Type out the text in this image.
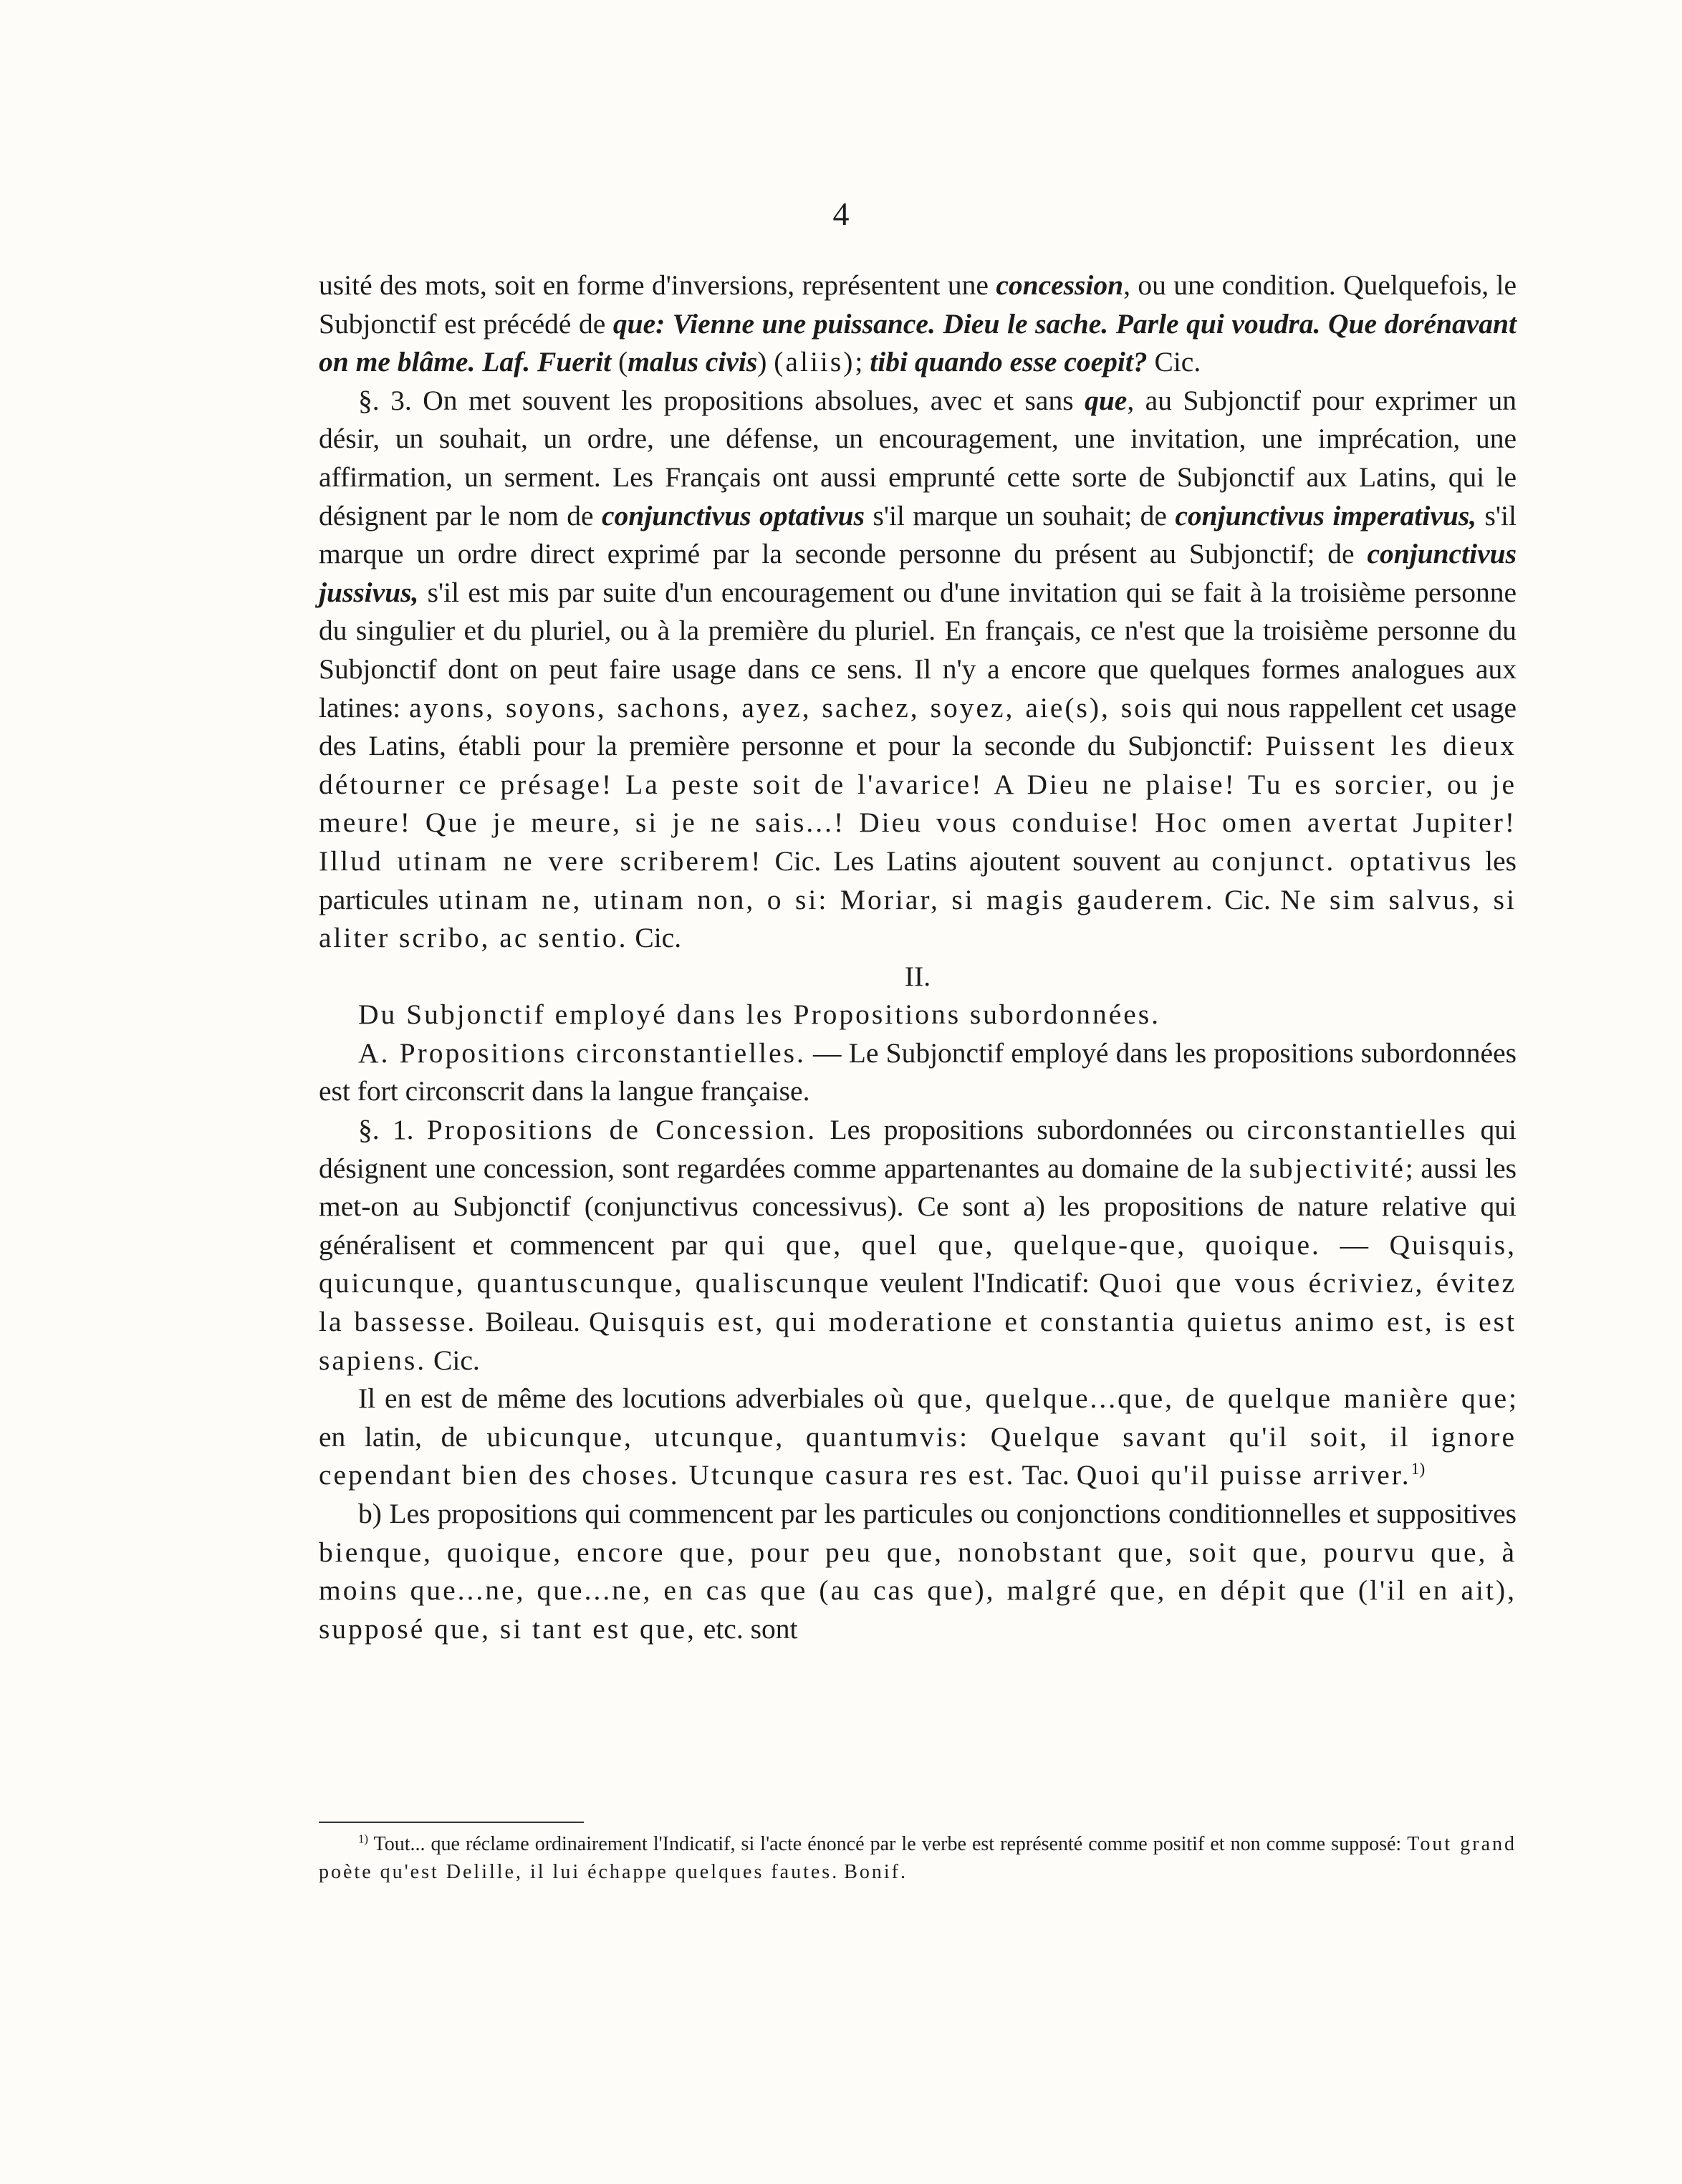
4

usité des mots, soit en forme d'inversions, représentent une concession, ou une condition. Quelquefois, le Subjonctif est précédé de que: Vienne une puissance. Dieu le sache. Parle qui voudra. Que dorénavant on me blâme. Laf. Fuerit (malus civis) (aliis); tibi quando esse coepit? Cic.

§. 3. On met souvent les propositions absolues, avec et sans que, au Subjonctif pour exprimer un désir, un souhait, un ordre, une défense, un encouragement, une invitation, une imprécation, une affirmation, un serment. Les Français ont aussi emprunté cette sorte de Subjonctif aux Latins, qui le désignent par le nom de conjunctivus optativus s'il marque un souhait; de conjunctivus imperativus, s'il marque un ordre direct exprimé par la seconde personne du présent au Subjonctif; de conjunctivus jussivus, s'il est mis par suite d'un encouragement ou d'une invitation qui se fait à la troisième personne du singulier et du pluriel, ou à la première du pluriel. En français, ce n'est que la troisième personne du Subjonctif dont on peut faire usage dans ce sens. Il n'y a encore que quelques formes analogues aux latines: ayons, soyons, sachons, ayez, sachez, soyez, aie(s), sois qui nous rappellent cet usage des Latins, établi pour la première personne et pour la seconde du Subjonctif: Puissent les dieux détourner ce présage! La peste soit de l'avarice! A Dieu ne plaise! Tu es sorcier, ou je meure! Que je meure, si je ne sais...! Dieu vous conduise! Hoc omen avertat Jupiter! Illud utinam ne vere scriberem! Cic. Les Latins ajoutent souvent au conjunct. optativus les particules utinam ne, utinam non, o si: Moriar, si magis gauderem. Cic. Ne sim salvus, si aliter scribo, ac sentio. Cic.

II.

Du Subjonctif employé dans les Propositions subordonnées.

A. Propositions circonstantielles. — Le Subjonctif employé dans les propositions subordonnées est fort circonscrit dans la langue française.

§. 1. Propositions de Concession. Les propositions subordonnées ou circonstantielles qui désignent une concession, sont regardées comme appartenantes au domaine de la subjectivité; aussi les met-on au Subjonctif (conjunctivus concessivus). Ce sont a) les propositions de nature relative qui généralisent et commencent par qui que, quel que, quelque-que, quoique. — Quisquis, quicunque, quantuscunque, qualiscunque veulent l'Indicatif: Quoi que vous écriviez, évitez la bassesse. Boileau. Quisquis est, qui moderatione et constantia quietus animo est, is est sapiens. Cic.

Il en est de même des locutions adverbiales où que, quelque...que, de quelque manière que; en latin, de ubicunque, utcunque, quantumvis: Quelque savant qu'il soit, il ignore cependant bien des choses. Utcunque casura res est. Tac. Quoi qu'il puisse arriver.$^{1)}$

b) Les propositions qui commencent par les particules ou conjonctions conditionnelles et suppositives bienque, quoique, encore que, pour peu que, nonobstant que, soit que, pourvu que, à moins que...ne, que...ne, en cas que (au cas que), malgré que, en dépit que (l'il en ait), supposé que, si tant est que, etc. sont

$^{1)}$ Tout... que réclame ordinairement l'Indicatif, si l'acte énoncé par le verbe est représenté comme positif et non comme supposé: Tout grand poète qu'est Delille, il lui échappe quelques fautes. Bonif.
